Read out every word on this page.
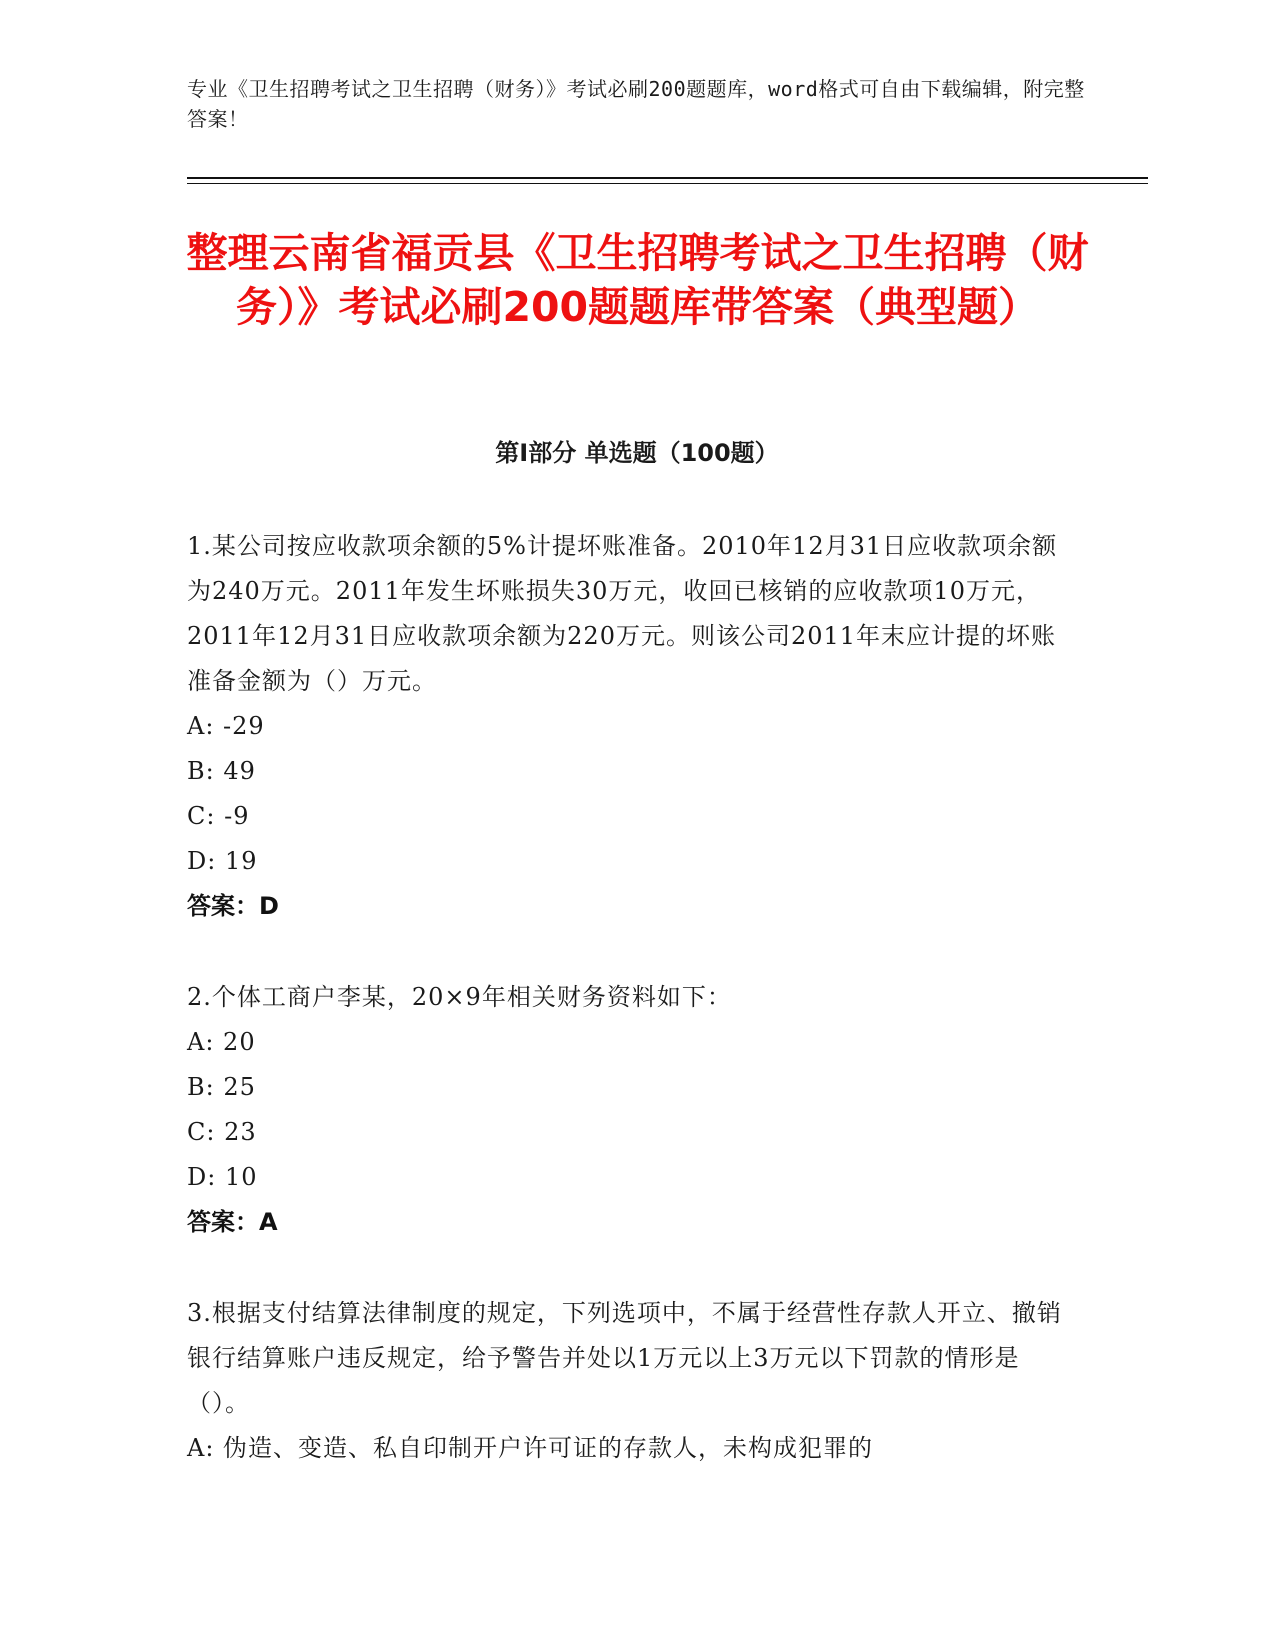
专业《卫生招聘考试之卫生招聘（财务）》考试必刷200题题库，word格式可自由下载编辑，附完整答案！
整理云南省福贡县《卫生招聘考试之卫生招聘（财务）》考试必刷200题题库带答案（典型题）
第I部分 单选题（100题）
1.某公司按应收款项余额的5%计提坏账准备。2010年12月31日应收款项余额为240万元。2011年发生坏账损失30万元，收回已核销的应收款项10万元，2011年12月31日应收款项余额为220万元。则该公司2011年末应计提的坏账准备金额为（）万元。
A: -29
B: 49
C: -9
D: 19
答案：D
2.个体工商户李某，20×9年相关财务资料如下：
A: 20
B: 25
C: 23
D: 10
答案：A
3.根据支付结算法律制度的规定，下列选项中，不属于经营性存款人开立、撤销银行结算账户违反规定，给予警告并处以1万元以上3万元以下罚款的情形是（）。
A: 伪造、变造、私自印制开户许可证的存款人，未构成犯罪的
